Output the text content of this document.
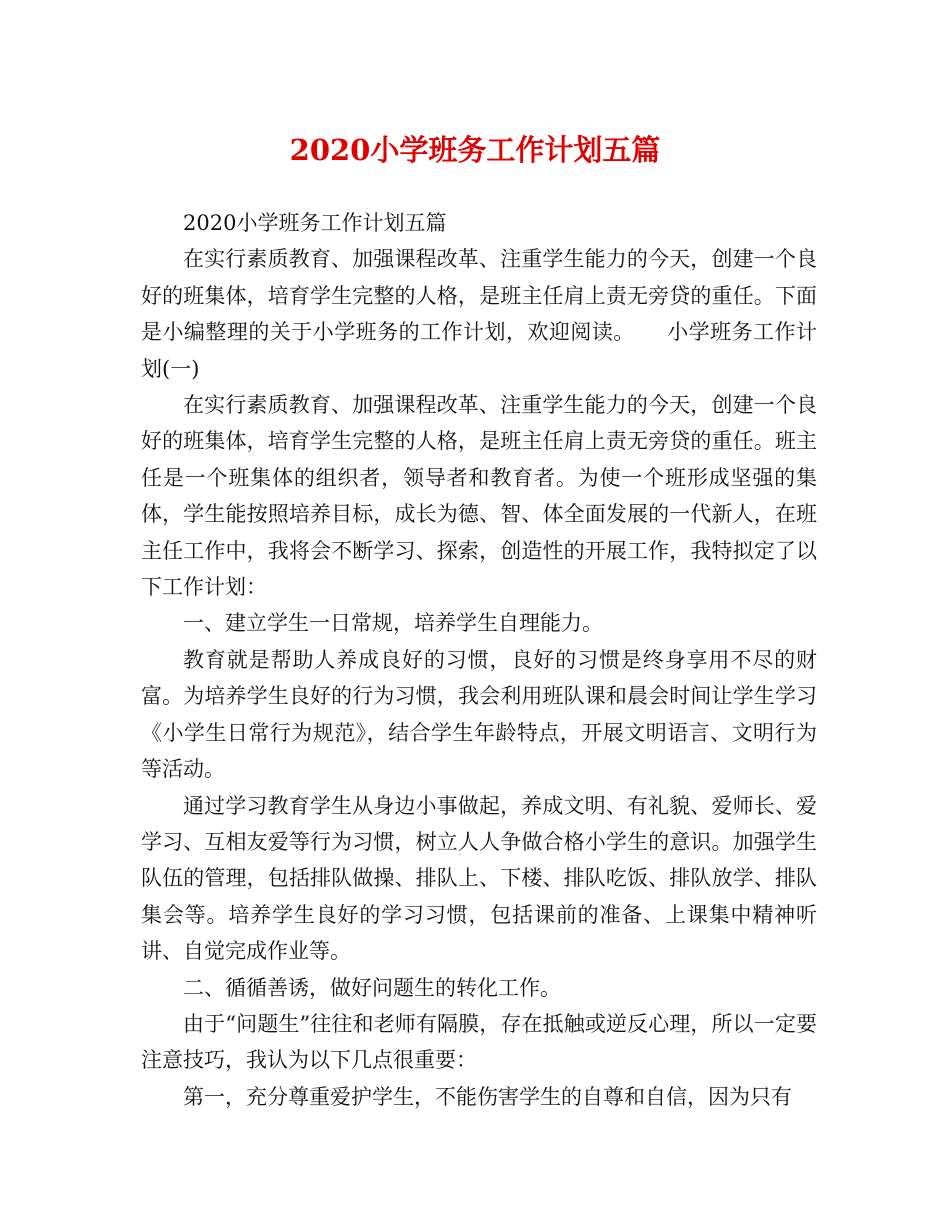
2020小学班务工作计划五篇

2020小学班务工作计划五篇

在实行素质教育、加强课程改革、注重学生能力的今天，创建一个良好的班集体，培育学生完整的人格，是班主任肩上责无旁贷的重任。下面是小编整理的关于小学班务的工作计划，欢迎阅读。　　小学班务工作计划(一)

在实行素质教育、加强课程改革、注重学生能力的今天，创建一个良好的班集体，培育学生完整的人格，是班主任肩上责无旁贷的重任。班主任是一个班集体的组织者，领导者和教育者。为使一个班形成坚强的集体，学生能按照培养目标，成长为德、智、体全面发展的一代新人，在班主任工作中，我将会不断学习、探索，创造性的开展工作，我特拟定了以下工作计划：

一、建立学生一日常规，培养学生自理能力。

教育就是帮助人养成良好的习惯，良好的习惯是终身享用不尽的财富。为培养学生良好的行为习惯，我会利用班队课和晨会时间让学生学习《小学生日常行为规范》，结合学生年龄特点，开展文明语言、文明行为等活动。

通过学习教育学生从身边小事做起，养成文明、有礼貌、爱师长、爱学习、互相友爱等行为习惯，树立人人争做合格小学生的意识。加强学生队伍的管理，包括排队做操、排队上、下楼、排队吃饭、排队放学、排队集会等。培养学生良好的学习习惯，包括课前的准备、上课集中精神听讲、自觉完成作业等。

二、循循善诱，做好问题生的转化工作。

由于“问题生”往往和老师有隔膜，存在抵触或逆反心理，所以一定要注意技巧，我认为以下几点很重要：

第一，充分尊重爱护学生，不能伤害学生的自尊和自信，因为只有
